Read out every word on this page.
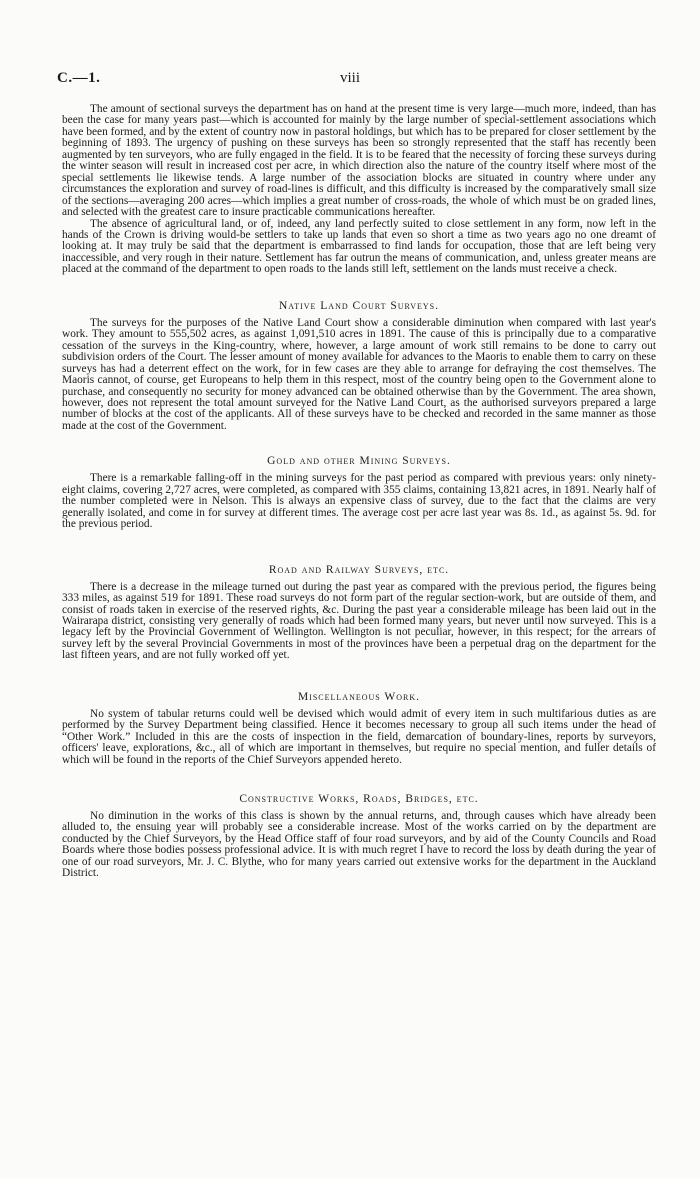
C.—1.	viii

The amount of sectional surveys the department has on hand at the present time is very large—much more, indeed, than has been the case for many years past—which is accounted for mainly by the large number of special-settlement associations which have been formed, and by the extent of country now in pastoral holdings, but which has to be prepared for closer settlement by the beginning of 1893. The urgency of pushing on these surveys has been so strongly represented that the staff has recently been augmented by ten surveyors, who are fully engaged in the field. It is to be feared that the necessity of forcing these surveys during the winter season will result in increased cost per acre, in which direction also the nature of the country itself where most of the special settlements lie likewise tends. A large number of the association blocks are situated in country where under any circumstances the exploration and survey of road-lines is difficult, and this difficulty is increased by the comparatively small size of the sections—averaging 200 acres—which implies a great number of cross-roads, the whole of which must be on graded lines, and selected with the greatest care to insure practicable communications hereafter.

The absence of agricultural land, or of, indeed, any land perfectly suited to close settlement in any form, now left in the hands of the Crown is driving would-be settlers to take up lands that even so short a time as two years ago no one dreamt of looking at. It may truly be said that the department is embarrassed to find lands for occupation, those that are left being very inaccessible, and very rough in their nature. Settlement has far outrun the means of communication, and, unless greater means are placed at the command of the department to open roads to the lands still left, settlement on the lands must receive a check.

Native Land Court Surveys.

The surveys for the purposes of the Native Land Court show a considerable diminution when compared with last year's work. They amount to 555,502 acres, as against 1,091,510 acres in 1891. The cause of this is principally due to a comparative cessation of the surveys in the King-country, where, however, a large amount of work still remains to be done to carry out subdivision orders of the Court. The lesser amount of money available for advances to the Maoris to enable them to carry on these surveys has had a deterrent effect on the work, for in few cases are they able to arrange for defraying the cost themselves. The Maoris cannot, of course, get Europeans to help them in this respect, most of the country being open to the Government alone to purchase, and consequently no security for money advanced can be obtained otherwise than by the Government. The area shown, however, does not represent the total amount surveyed for the Native Land Court, as the authorised surveyors prepared a large number of blocks at the cost of the applicants. All of these surveys have to be checked and recorded in the same manner as those made at the cost of the Government.

Gold and other Mining Surveys.

There is a remarkable falling-off in the mining surveys for the past period as compared with previous years: only ninety-eight claims, covering 2,727 acres, were completed, as compared with 355 claims, containing 13,821 acres, in 1891. Nearly half of the number completed were in Nelson. This is always an expensive class of survey, due to the fact that the claims are very generally isolated, and come in for survey at different times. The average cost per acre last year was 8s. 1d., as against 5s. 9d. for the previous period.

Road and Railway Surveys, etc.

There is a decrease in the mileage turned out during the past year as compared with the previous period, the figures being 333 miles, as against 519 for 1891. These road surveys do not form part of the regular section-work, but are outside of them, and consist of roads taken in exercise of the reserved rights, &c. During the past year a considerable mileage has been laid out in the Wairarapa district, consisting very generally of roads which had been formed many years, but never until now surveyed. This is a legacy left by the Provincial Government of Wellington. Wellington is not peculiar, however, in this respect; for the arrears of survey left by the several Provincial Governments in most of the provinces have been a perpetual drag on the department for the last fifteen years, and are not fully worked off yet.

Miscellaneous Work.

No system of tabular returns could well be devised which would admit of every item in such multifarious duties as are performed by the Survey Department being classified. Hence it becomes necessary to group all such items under the head of “Other Work.” Included in this are the costs of inspection in the field, demarcation of boundary-lines, reports by surveyors, officers' leave, explorations, &c., all of which are important in themselves, but require no special mention, and fuller details of which will be found in the reports of the Chief Surveyors appended hereto.

Constructive Works, Roads, Bridges, etc.

No diminution in the works of this class is shown by the annual returns, and, through causes which have already been alluded to, the ensuing year will probably see a considerable increase. Most of the works carried on by the department are conducted by the Chief Surveyors, by the Head Office staff of four road surveyors, and by aid of the County Councils and Road Boards where those bodies possess professional advice. It is with much regret I have to record the loss by death during the year of one of our road surveyors, Mr. J. C. Blythe, who for many years carried out extensive works for the department in the Auckland District.
